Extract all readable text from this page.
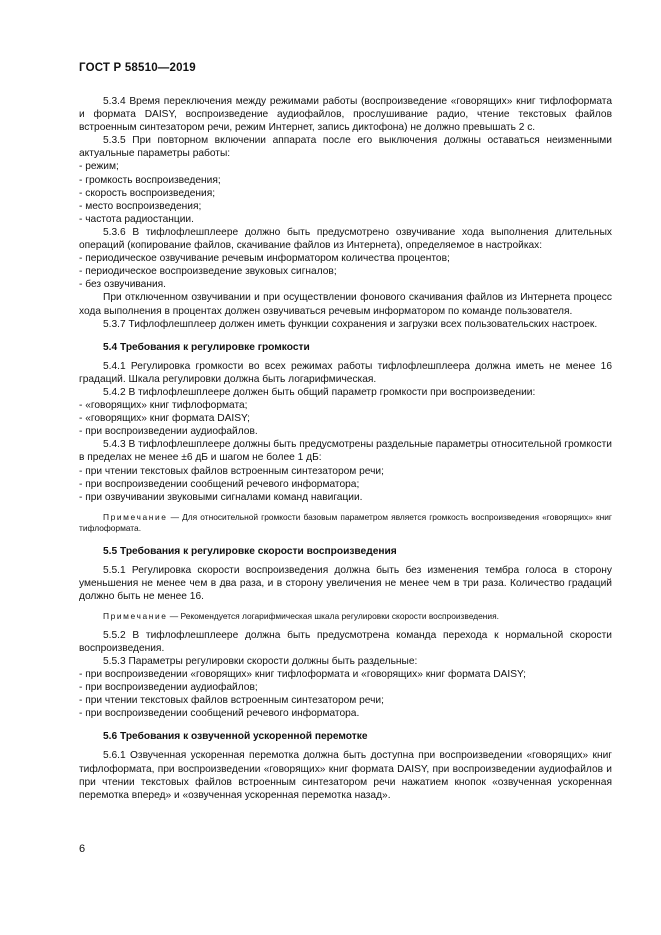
ГОСТ Р 58510—2019

5.3.4 Время переключения между режимами работы (воспроизведение «говорящих» книг тифлоформата и формата DAISY, воспроизведение аудиофайлов, прослушивание радио, чтение текстовых файлов встроенным синтезатором речи, режим Интернет, запись диктофона) не должно превышать 2 с.

5.3.5 При повторном включении аппарата после его выключения должны оставаться неизменными актуальные параметры работы:

- режим;

- громкость воспроизведения;

- скорость воспроизведения;

- место воспроизведения;

- частота радиостанции.

5.3.6 В тифлофлешплеере должно быть предусмотрено озвучивание хода выполнения длительных операций (копирование файлов, скачивание файлов из Интернета), определяемое в настройках:

- периодическое озвучивание речевым информатором количества процентов;

- периодическое воспроизведение звуковых сигналов;

- без озвучивания.

При отключенном озвучивании и при осуществлении фонового скачивания файлов из Интернета процесс хода выполнения в процентах должен озвучиваться речевым информатором по команде пользователя.

5.3.7 Тифлофлешплеер должен иметь функции сохранения и загрузки всех пользовательских настроек.

5.4 Требования к регулировке громкости

5.4.1 Регулировка громкости во всех режимах работы тифлофлешплеера должна иметь не менее 16 градаций. Шкала регулировки должна быть логарифмическая.

5.4.2 В тифлофлешплеере должен быть общий параметр громкости при воспроизведении:

- «говорящих» книг тифлоформата;

- «говорящих» книг формата DAISY;

- при воспроизведении аудиофайлов.

5.4.3 В тифлофлешплеере должны быть предусмотрены раздельные параметры относительной громкости в пределах не менее ±6 дБ и шагом не более 1 дБ:

- при чтении текстовых файлов встроенным синтезатором речи;

- при воспроизведении сообщений речевого информатора;

- при озвучивании звуковыми сигналами команд навигации.

Примечание — Для относительной громкости базовым параметром является громкость воспроизведения «говорящих» книг тифлоформата.

5.5 Требования к регулировке скорости воспроизведения

5.5.1 Регулировка скорости воспроизведения должна быть без изменения тембра голоса в сторону уменьшения не менее чем в два раза, и в сторону увеличения не менее чем в три раза. Количество градаций должно быть не менее 16.

Примечание — Рекомендуется логарифмическая шкала регулировки скорости воспроизведения.

5.5.2 В тифлофлешплеере должна быть предусмотрена команда перехода к нормальной скорости воспроизведения.

5.5.3 Параметры регулировки скорости должны быть раздельные:

- при воспроизведении «говорящих» книг тифлоформата и «говорящих» книг формата DAISY;

- при воспроизведении аудиофайлов;

- при чтении текстовых файлов встроенным синтезатором речи;

- при воспроизведении сообщений речевого информатора.

5.6 Требования к озвученной ускоренной перемотке

5.6.1 Озвученная ускоренная перемотка должна быть доступна при воспроизведении «говорящих» книг тифлоформата, при воспроизведении «говорящих» книг формата DAISY, при воспроизведении аудиофайлов и при чтении текстовых файлов встроенным синтезатором речи нажатием кнопок «озвученная ускоренная перемотка вперед» и «озвученная ускоренная перемотка назад».

6
